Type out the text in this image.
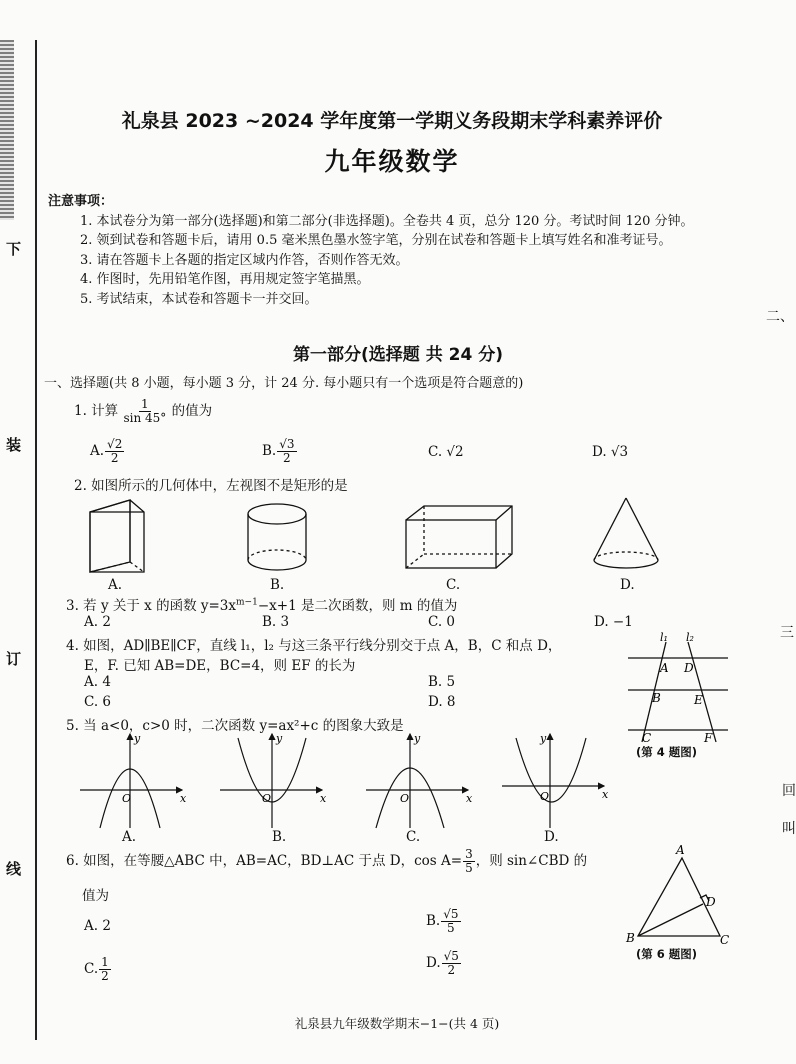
下
装
订
线
礼泉县 2023 ~2024 学年度第一学期义务段期末学科素养评价
九年级数学
注意事项：
1. 本试卷分为第一部分(选择题)和第二部分(非选择题)。全卷共 4 页，总分 120 分。考试时间 120 分钟。
2. 领到试卷和答题卡后，请用 0.5 毫米黑色墨水签字笔，分别在试卷和答题卡上填写姓名和准考证号。
3. 请在答题卡上各题的指定区域内作答，否则作答无效。
4. 作图时，先用铅笔作图，再用规定签字笔描黑。
5. 考试结束，本试卷和答题卡一并交回。
第一部分(选择题 共 24 分)
一、选择题(共 8 小题，每小题 3 分，计 24 分. 每小题只有一个选项是符合题意的)
1. 计算 $\frac{1}{\sin 45^\circ}$ 的值为
A. $\frac{√2}{2}$	B. $\frac{√3}{2}$	C. √2	D. √3
2. 如图所示的几何体中，左视图不是矩形的是
A.	B.	C.	D.
3. 若 y 关于 x 的函数 $y=3x^{m-1}-x+1$ 是二次函数，则 m 的值为
A. 2	B. 3	C. 0	D. −1
4. 如图，AD∥BE∥CF，直线 l₁，l₂ 与这三条平行线分别交于点 A，B，C 和点 D，
E，F. 已知 AB=DE，BC=4，则 EF 的长为
A. 4	B. 5
C. 6	D. 8
l₁ l₂
A D
B	E
C	F
(第 4 题图)
5. 当 a<0，c>0 时，二次函数 y=ax²+c 的图象大致是
y
O	x
y
O	x
y
O	x
y
O	x
A.	B.	C.	D.
6. 如图，在等腰△ABC 中，AB=AC，BD⊥AC 于点 D，$\cos A= \frac{3}{5}$ ，则 sin∠CBD 的
值为
A. 2	B. $\frac{√5}{5}$
C. $\frac{1}{2}$	D. $\frac{√5}{2}$
A
D
B	C
(第 6 题图)
二、
三
回
叫
礼泉县九年级数学期末−1−(共 4 页)
